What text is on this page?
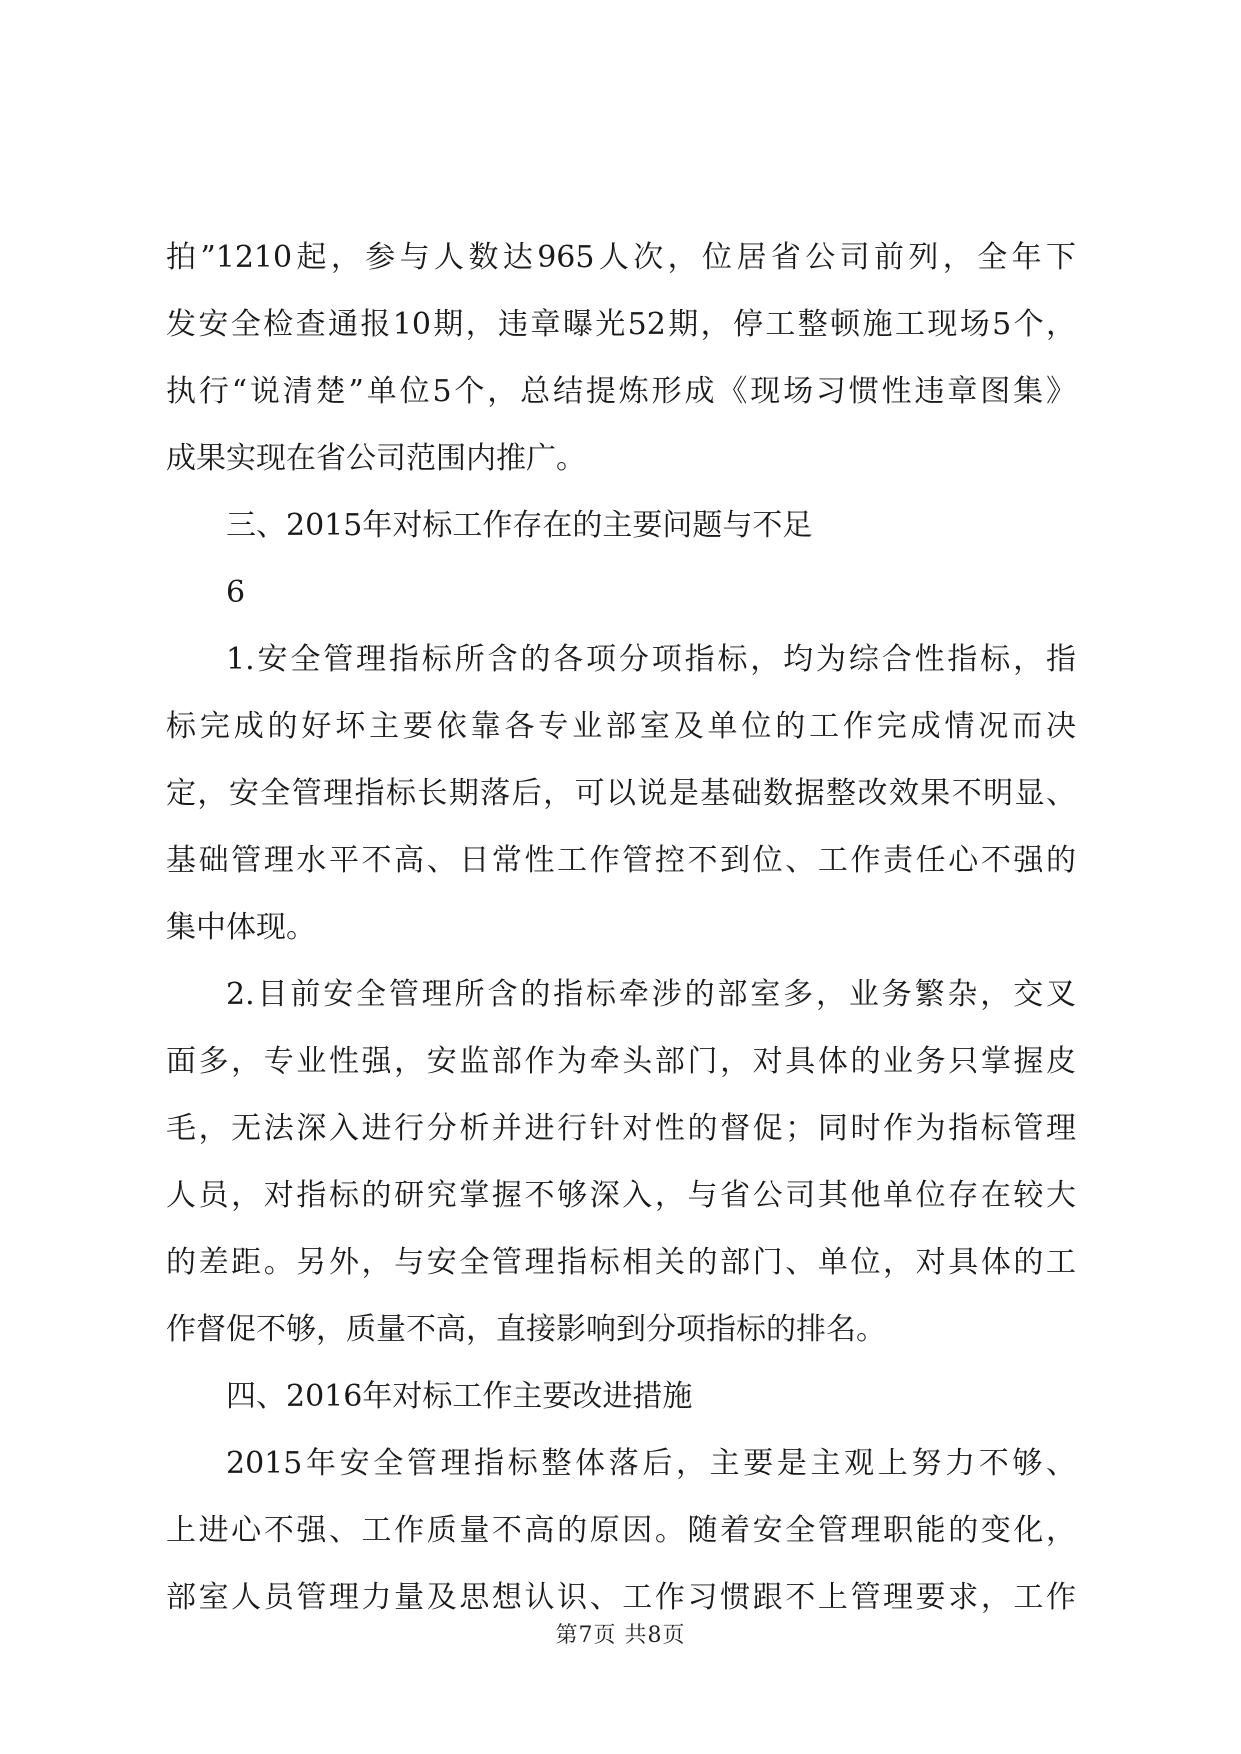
拍”1210起，参与人数达965人次，位居省公司前列，全年下
发安全检查通报10期，违章曝光52期，停工整顿施工现场5个，
执行“说清楚”单位5个，总结提炼形成《现场习惯性违章图集》
成果实现在省公司范围内推广。
三、2015年对标工作存在的主要问题与不足
6
1.安全管理指标所含的各项分项指标，均为综合性指标，指
标完成的好坏主要依靠各专业部室及单位的工作完成情况而决
定，安全管理指标长期落后，可以说是基础数据整改效果不明显、
基础管理水平不高、日常性工作管控不到位、工作责任心不强的
集中体现。
2.目前安全管理所含的指标牵涉的部室多，业务繁杂，交叉
面多，专业性强，安监部作为牵头部门，对具体的业务只掌握皮
毛，无法深入进行分析并进行针对性的督促；同时作为指标管理
人员，对指标的研究掌握不够深入，与省公司其他单位存在较大
的差距。另外，与安全管理指标相关的部门、单位，对具体的工
作督促不够，质量不高，直接影响到分项指标的排名。
四、2016年对标工作主要改进措施
2015年安全管理指标整体落后，主要是主观上努力不够、
上进心不强、工作质量不高的原因。随着安全管理职能的变化，
部室人员管理力量及思想认识、工作习惯跟不上管理要求，工作
第7页 共8页
